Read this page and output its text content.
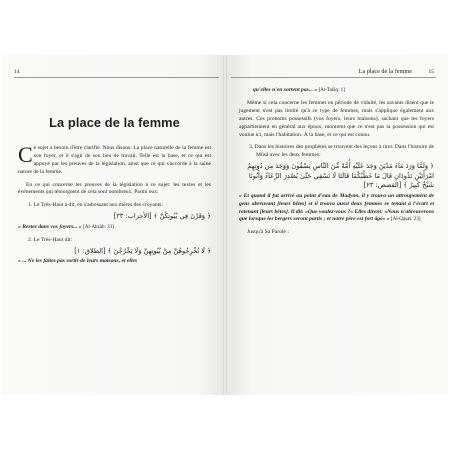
14
La place de la femme

Ce sujet a besoin d'être clarifié. Nous disons: La place naturelle de la femme est son foyer, et il s'agit de son lieu de travail. Telle est la base, et ce qui est appuyé par les preuves de la législation, ainsi que ce qui s'accorde à la saine nature de la femme.

En ce qui concerne les preuves de la législation à ce sujet: les textes et les événements qui témoignent de cela sont nombreux. Parmi eux:

1. Le Très-Haut a dit, en s'adressant aux mères des croyants:

﴿ وَقَرْنَ فِي بُيُوتِكُنَّ ﴾ [الأحزاب: ٣٣]

« Restez dans vos foyers... » [Al-Ahzâb: 33]

2. Le Très-Haut dit:

﴿ لَا تُخْرِجُوهُنَّ مِنْ بُيُوتِهِنَّ وَلَا يَخْرُجْنَ ﴾ [الطلاق: ١]

« ... Ne les faites pas sortir de leurs maisons, et elles

La place de la femme	15

qu'elles n'en sortent pas... » [At-Talâq: 1]

Même si cela concerne les femmes en période de viduité, les savants disent que le jugement n'est pas limité qu'à ce type de femmes, mais s'applique également aux autres. Ces pronoms possessifs (vos foyers, leurs maisons), sachant que les foyers appartiennent en général aux époux, montrent que ce n'est pas la possession qui est voulue ici, mais l'habitation. À la base, et ce qui est connu.

3. Dans les histoires des prophètes se trouvent des leçons à tirer. Dans l'histoire de Mûsâ avec les deux femmes:

﴿ وَلَمَّا وَرَدَ مَاءَ مَدْيَنَ وَجَدَ عَلَيْهِ أُمَّةً مِّنَ النَّاسِ يَسْقُونَ وَوَجَدَ مِن دُونِهِمُ امْرَأَتَيْنِ تَذُودَانِ قَالَ مَا خَطْبُكُمَا قَالَتَا لَا نَسْقِي حَتَّىٰ يُصْدِرَ الرِّعَاءُ وَأَبُونَا شَيْخٌ كَبِيرٌ ﴾ [القصص: ٢٣]

« Et quand il fut arrivé au point d'eau de Madyan, il y trouva un attroupement de gens abreuvant [leurs bêtes] et il trouva aussi deux femmes se tenant à l'écart et retenant [leurs bêtes]. Il dit: «Que voulez-vous ?» Elles dirent: «Nous n'abreuverons que lorsque les bergers seront partis ; et notre père est fort âgé» » [Al-Qasas: 23]

Jusqu'à Sa Parole :
